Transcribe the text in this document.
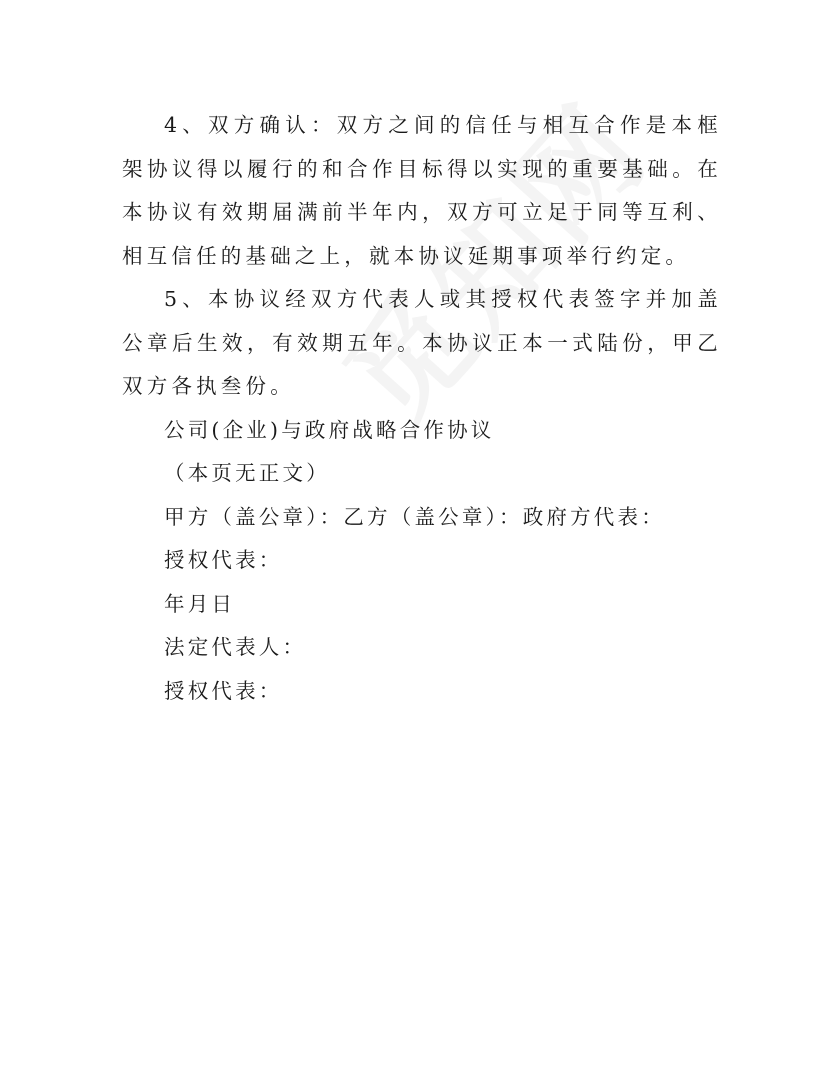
4、双方确认：双方之间的信任与相互合作是本框架协议得以履行的和合作目标得以实现的重要基础。在本协议有效期届满前半年内，双方可立足于同等互利、相互信任的基础之上，就本协议延期事项举行约定。

5、本协议经双方代表人或其授权代表签字并加盖公章后生效，有效期五年。本协议正本一式陆份，甲乙双方各执叁份。

公司(企业)与政府战略合作协议

（本页无正文）

甲方（盖公章）：乙方（盖公章）：政府方代表：

授权代表：

年月日

法定代表人：

授权代表：
